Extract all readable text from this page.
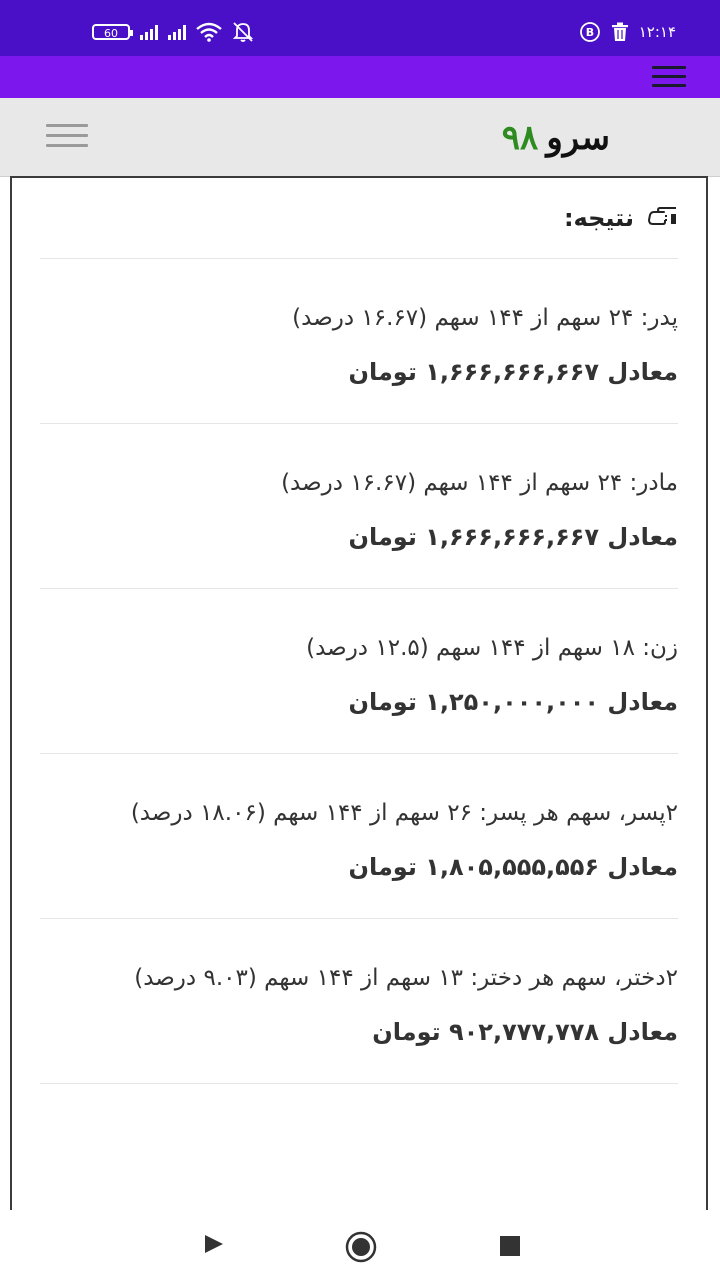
60	B	۱۲:۱۴
سرو۹۸
نتیجه:
پدر: ۲۴ سهم از ۱۴۴ سهم (۱۶.۶۷ درصد)
معادل ۱,۶۶۶,۶۶۶,۶۶۷ تومان
مادر: ۲۴ سهم از ۱۴۴ سهم (۱۶.۶۷ درصد)
معادل ۱,۶۶۶,۶۶۶,۶۶۷ تومان
زن: ۱۸ سهم از ۱۴۴ سهم (۱۲.۵ درصد)
معادل ۱,۲۵۰,۰۰۰,۰۰۰ تومان
۲پسر، سهم هر پسر: ۲۶ سهم از ۱۴۴ سهم (۱۸.۰۶ درصد)
معادل ۱,۸۰۵,۵۵۵,۵۵۶ تومان
۲دختر، سهم هر دختر: ۱۳ سهم از ۱۴۴ سهم (۹.۰۳ درصد)
معادل ۹۰۲,۷۷۷,۷۷۸ تومان
